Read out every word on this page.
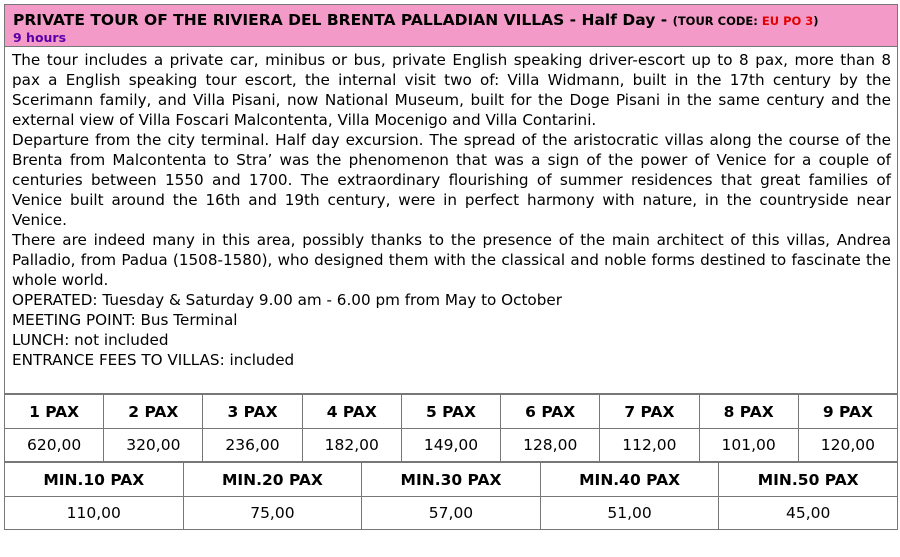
PRIVATE TOUR OF THE RIVIERA DEL BRENTA PALLADIAN VILLAS - Half Day - (TOUR CODE: EU PO 3)
9 hours

The tour includes a private car, minibus or bus, private English speaking driver-escort up to 8 pax, more than 8 pax a English speaking tour escort, the internal visit two of: Villa Widmann, built in the 17th century by the Scerimann family, and Villa Pisani, now National Museum, built for the Doge Pisani in the same century and the external view of Villa Foscari Malcontenta, Villa Mocenigo and Villa Contarini.

Departure from the city terminal. Half day excursion. The spread of the aristocratic villas along the course of the Brenta from Malcontenta to Stra’ was the phenomenon that was a sign of the power of Venice for a couple of centuries between 1550 and 1700. The extraordinary flourishing of summer residences that great families of Venice built around the 16th and 19th century, were in perfect harmony with nature, in the countryside near Venice.

There are indeed many in this area, possibly thanks to the presence of the main architect of this villas, Andrea Palladio, from Padua (1508-1580), who designed them with the classical and noble forms destined to fascinate the whole world.

OPERATED: Tuesday & Saturday 9.00 am - 6.00 pm from May to October
MEETING POINT: Bus Terminal
LUNCH: not included
ENTRANCE FEES TO VILLAS: included
1 PAX	2 PAX	3 PAX	4 PAX	5 PAX	6 PAX	7 PAX	8 PAX	9 PAX
620,00	320,00	236,00	182,00	149,00	128,00	112,00	101,00	120,00
MIN.10 PAX	MIN.20 PAX	MIN.30 PAX	MIN.40 PAX	MIN.50 PAX
110,00	75,00	57,00	51,00	45,00
